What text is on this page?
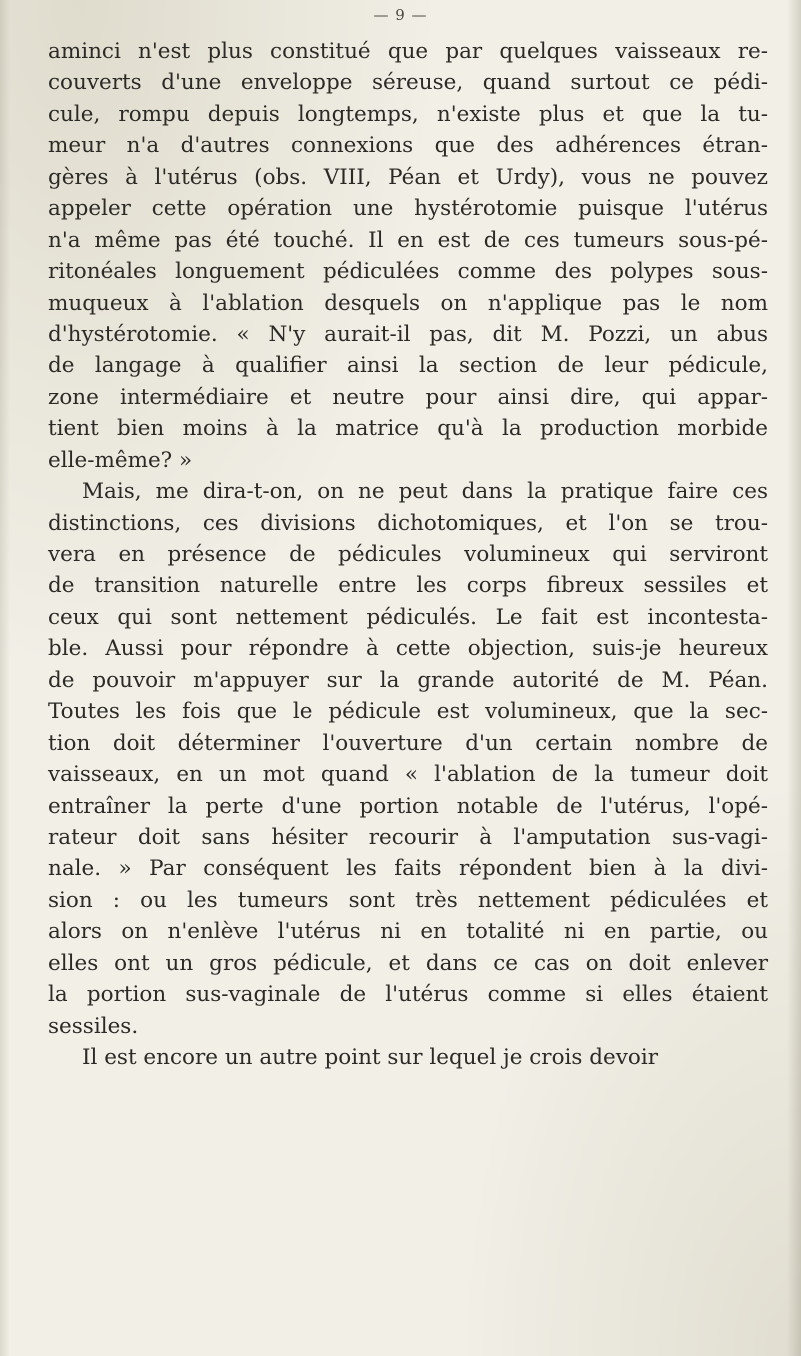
— 9 —
aminci n'est plus constitué que par quelques vaisseaux re-
couverts d'une enveloppe séreuse, quand surtout ce pédi-
cule, rompu depuis longtemps, n'existe plus et que la tu-
meur n'a d'autres connexions que des adhérences étran-
gères à l'utérus (obs. VIII, Péan et Urdy), vous ne pouvez
appeler cette opération une hystérotomie puisque l'utérus
n'a même pas été touché. Il en est de ces tumeurs sous-pé-
ritonéales longuement pédiculées comme des polypes sous-
muqueux à l'ablation desquels on n'applique pas le nom
d'hystérotomie. « N'y aurait-il pas, dit M. Pozzi, un abus
de langage à qualifier ainsi la section de leur pédicule,
zone intermédiaire et neutre pour ainsi dire, qui appar-
tient bien moins à la matrice qu'à la production morbide
elle-même? »
Mais, me dira-t-on, on ne peut dans la pratique faire ces
distinctions, ces divisions dichotomiques, et l'on se trou-
vera en présence de pédicules volumineux qui serviront
de transition naturelle entre les corps fibreux sessiles et
ceux qui sont nettement pédiculés. Le fait est incontesta-
ble. Aussi pour répondre à cette objection, suis-je heureux
de pouvoir m'appuyer sur la grande autorité de M. Péan.
Toutes les fois que le pédicule est volumineux, que la sec-
tion doit déterminer l'ouverture d'un certain nombre de
vaisseaux, en un mot quand « l'ablation de la tumeur doit
entraîner la perte d'une portion notable de l'utérus, l'opé-
rateur doit sans hésiter recourir à l'amputation sus-vagi-
nale. » Par conséquent les faits répondent bien à la divi-
sion : ou les tumeurs sont très nettement pédiculées et
alors on n'enlève l'utérus ni en totalité ni en partie, ou
elles ont un gros pédicule, et dans ce cas on doit enlever
la portion sus-vaginale de l'utérus comme si elles étaient
sessiles.
Il est encore un autre point sur lequel je crois devoir
